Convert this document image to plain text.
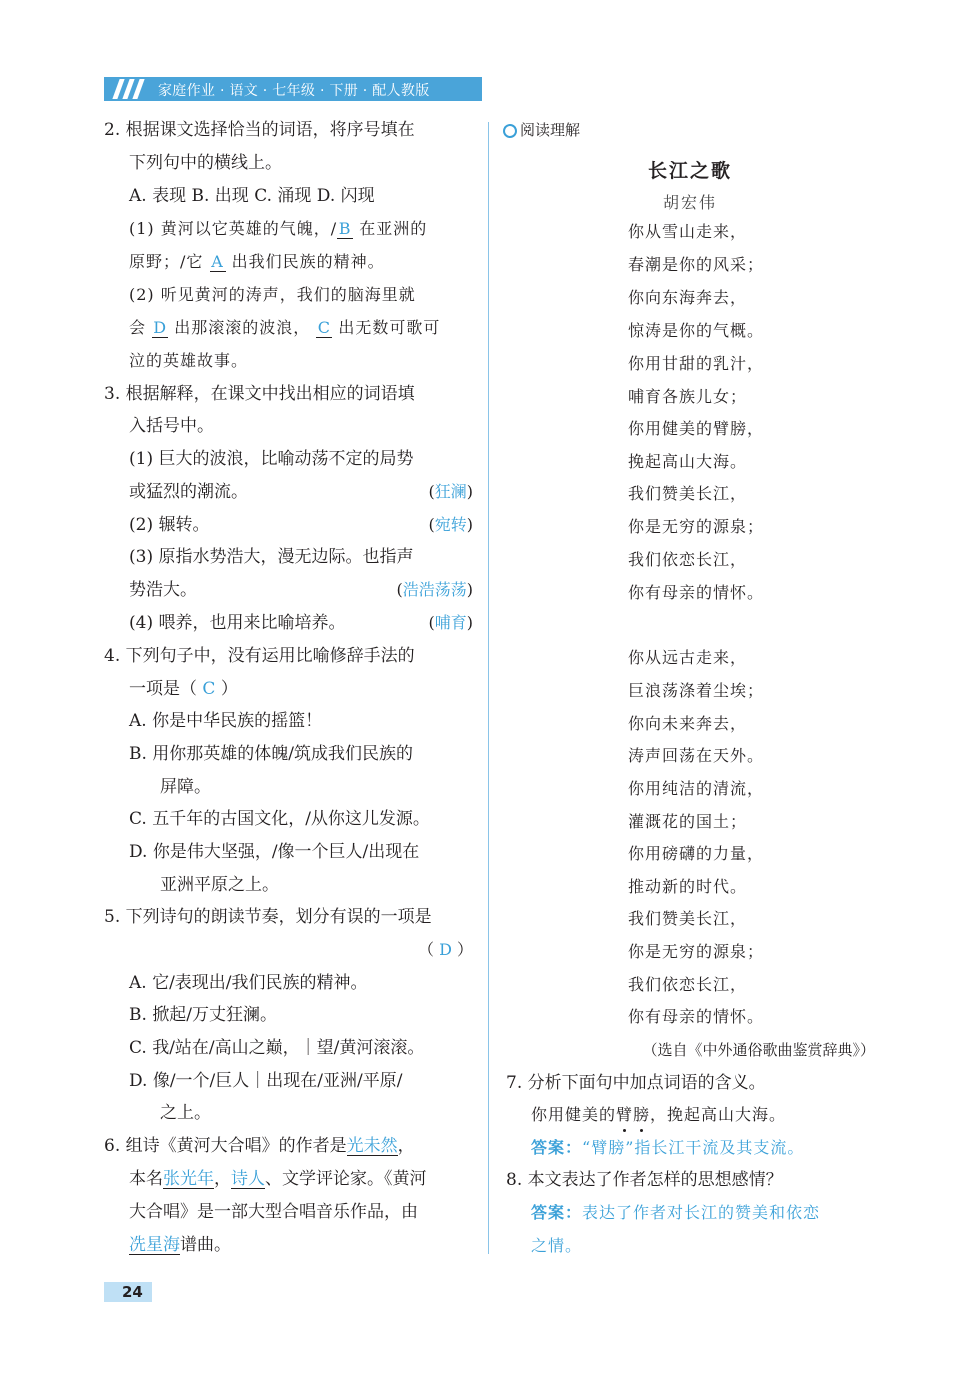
家庭作业 · 语文 · 七年级 · 下册 · 配人教版
2. 根据课文选择恰当的词语，将序号填在
下列句中的横线上。
A. 表现 B. 出现 C. 涌现 D. 闪现
(1) 黄河以它英雄的气魄，/ B 在亚洲的
原野；/它 A 出我们民族的精神。
(2) 听见黄河的涛声，我们的脑海里就
会 D 出那滚滚的波浪， C 出无数可歌可
泣的英雄故事。
3. 根据解释，在课文中找出相应的词语填
入括号中。
(1) 巨大的波浪，比喻动荡不定的局势
或猛烈的潮流。	(狂澜)
(2) 辗转。	(宛转)
(3) 原指水势浩大，漫无边际。也指声
势浩大。	(浩浩荡荡)
(4) 喂养，也用来比喻培养。	(哺育)
4. 下列句子中，没有运用比喻修辞手法的
一项是（ C ）
A. 你是中华民族的摇篮！
B. 用你那英雄的体魄/筑成我们民族的
屏障。
C. 五千年的古国文化，/从你这儿发源。
D. 你是伟大坚强，/像一个巨人/出现在
亚洲平原之上。
5. 下列诗句的朗读节奏，划分有误的一项是
（ D ）
A. 它/表现出/我们民族的精神。
B. 掀起/万丈狂澜。
C. 我/站在/高山之巅，｜望/黄河滚滚。
D. 像/一个/巨人｜出现在/亚洲/平原/
之上。
6. 组诗《黄河大合唱》的作者是光未然，
本名张光年，诗人、文学评论家。《黄河
大合唱》是一部大型合唱音乐作品，由
冼星海谱曲。
阅读理解
长江之歌
胡宏伟
你从雪山走来，
春潮是你的风采；
你向东海奔去，
惊涛是你的气概。
你用甘甜的乳汁，
哺育各族儿女；
你用健美的臂膀，
挽起高山大海。
我们赞美长江，
你是无穷的源泉；
我们依恋长江，
你有母亲的情怀。
你从远古走来，
巨浪荡涤着尘埃；
你向未来奔去，
涛声回荡在天外。
你用纯洁的清流，
灌溉花的国土；
你用磅礴的力量，
推动新的时代。
我们赞美长江，
你是无穷的源泉；
我们依恋长江，
你有母亲的情怀。
（选自《中外通俗歌曲鉴赏辞典》）
7. 分析下面句中加点词语的含义。
你用健美的臂膀，挽起高山大海。
答案：“臂膀”指长江干流及其支流。
8. 本文表达了作者怎样的思想感情？
答案：表达了作者对长江的赞美和依恋
之情。
24
